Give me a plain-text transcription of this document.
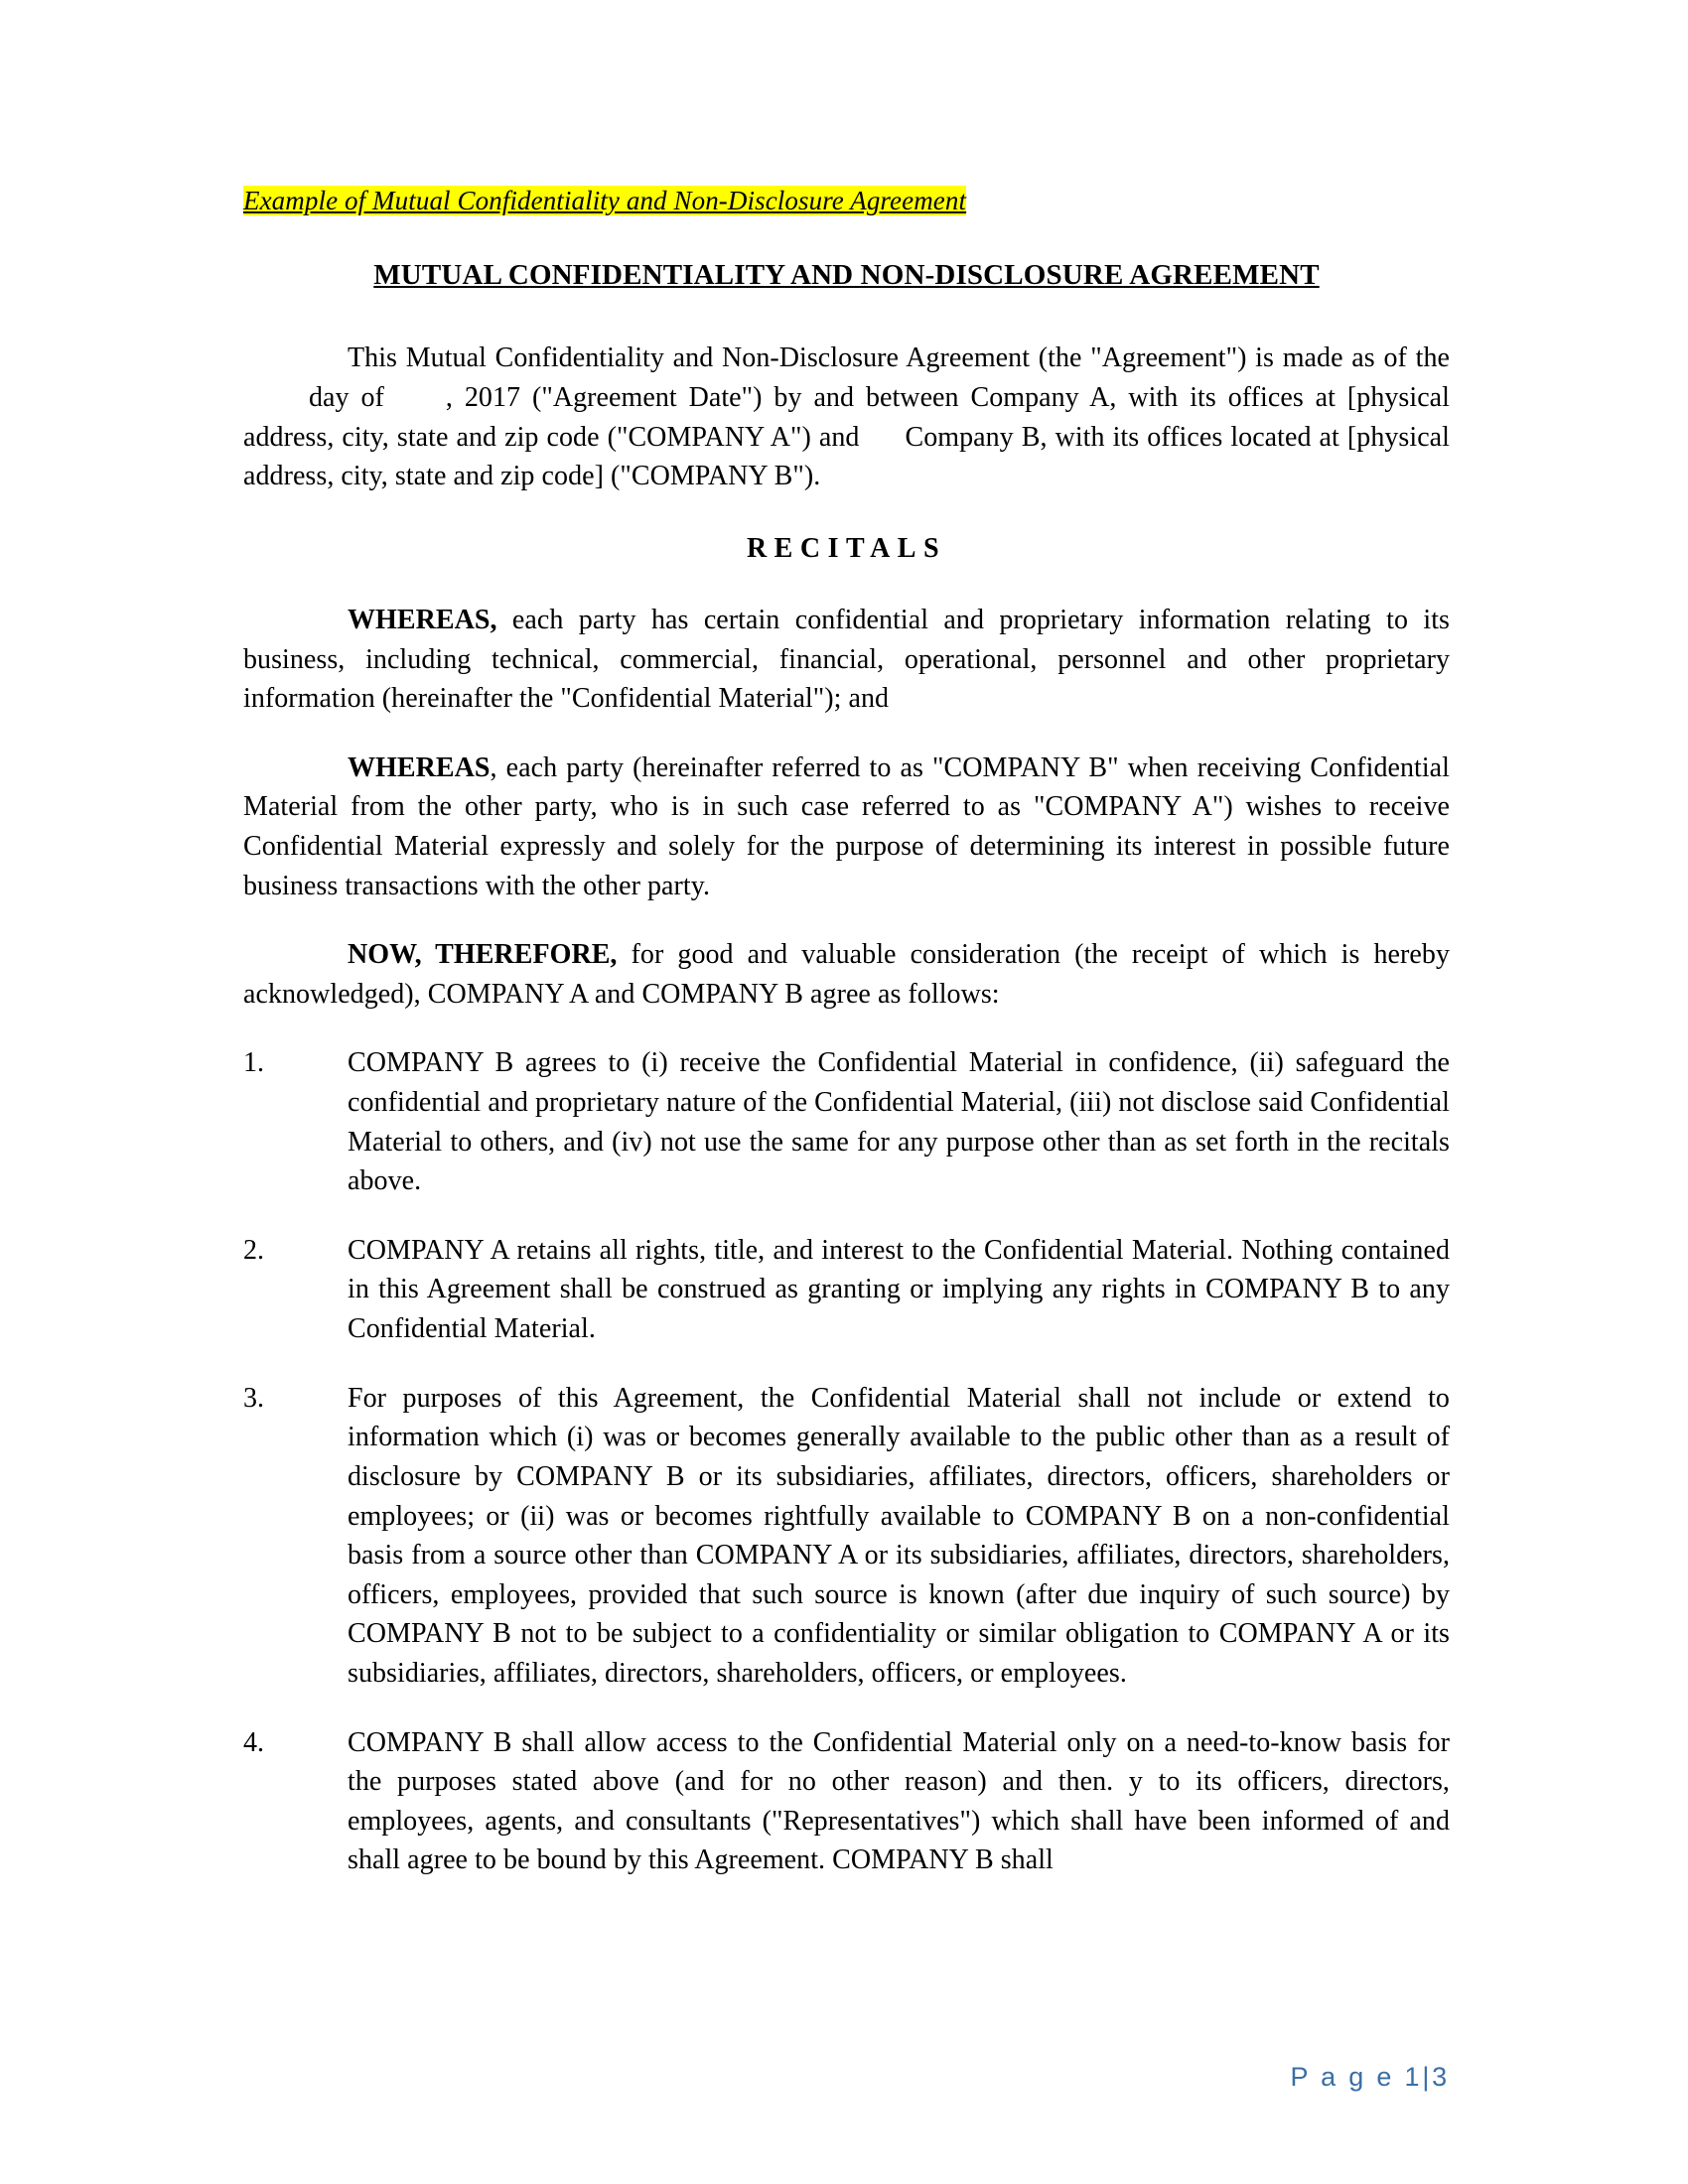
Example of Mutual Confidentiality and Non-Disclosure Agreement
MUTUAL CONFIDENTIALITY AND NON-DISCLOSURE AGREEMENT

This Mutual Confidentiality and Non-Disclosure Agreement (the "Agreement") is made as of theday of , 2017 ("Agreement Date") by and between Company A, with its offices at [physical address, city, state and zip code ("COMPANY A") and Company B, with its offices located at [physical address, city, state and zip code] ("COMPANY B").

RECITALS

WHEREAS, each party has certain confidential and proprietary information relating to its business, including technical, commercial, financial, operational, personnel and other proprietary information (hereinafter the "Confidential Material"); and

WHEREAS, each party (hereinafter referred to as "COMPANY B" when receiving Confidential Material from the other party, who is in such case referred to as "COMPANY A") wishes to receive Confidential Material expressly and solely for the purpose of determining its interest in possible future business transactions with the other party.

NOW, THEREFORE, for good and valuable consideration (the receipt of which is hereby acknowledged), COMPANY A and COMPANY B agree as follows:

1.	COMPANY B agrees to (i) receive the Confidential Material in confidence, (ii) safeguard the confidential and proprietary nature of the Confidential Material, (iii) not disclose said Confidential Material to others, and (iv) not use the same for any purpose other than as set forth in the recitals above.
2.	COMPANY A retains all rights, title, and interest to the Confidential Material. Nothing contained in this Agreement shall be construed as granting or implying any rights in COMPANY B to any Confidential Material.
3.	For purposes of this Agreement, the Confidential Material shall not include or extend to information which (i) was or becomes generally available to the public other than as a result of disclosure by COMPANY B or its subsidiaries, affiliates, directors, officers, shareholders or employees; or (ii) was or becomes rightfully available to COMPANY B on a non-confidential basis from a source other than COMPANY A or its subsidiaries, affiliates, directors, shareholders, officers, employees, provided that such source is known (after due inquiry of such source) by COMPANY B not to be subject to a confidentiality or similar obligation to COMPANY A or its subsidiaries, affiliates, directors, shareholders, officers, or employees.
4.	COMPANY B shall allow access to the Confidential Material only on a need-to-know basis for the purposes stated above (and for no other reason) and then. y to its officers, directors, employees, agents, and consultants ("Representatives") which shall have been informed of and shall agree to be bound by this Agreement. COMPANY B shall
P a g e 1|3
